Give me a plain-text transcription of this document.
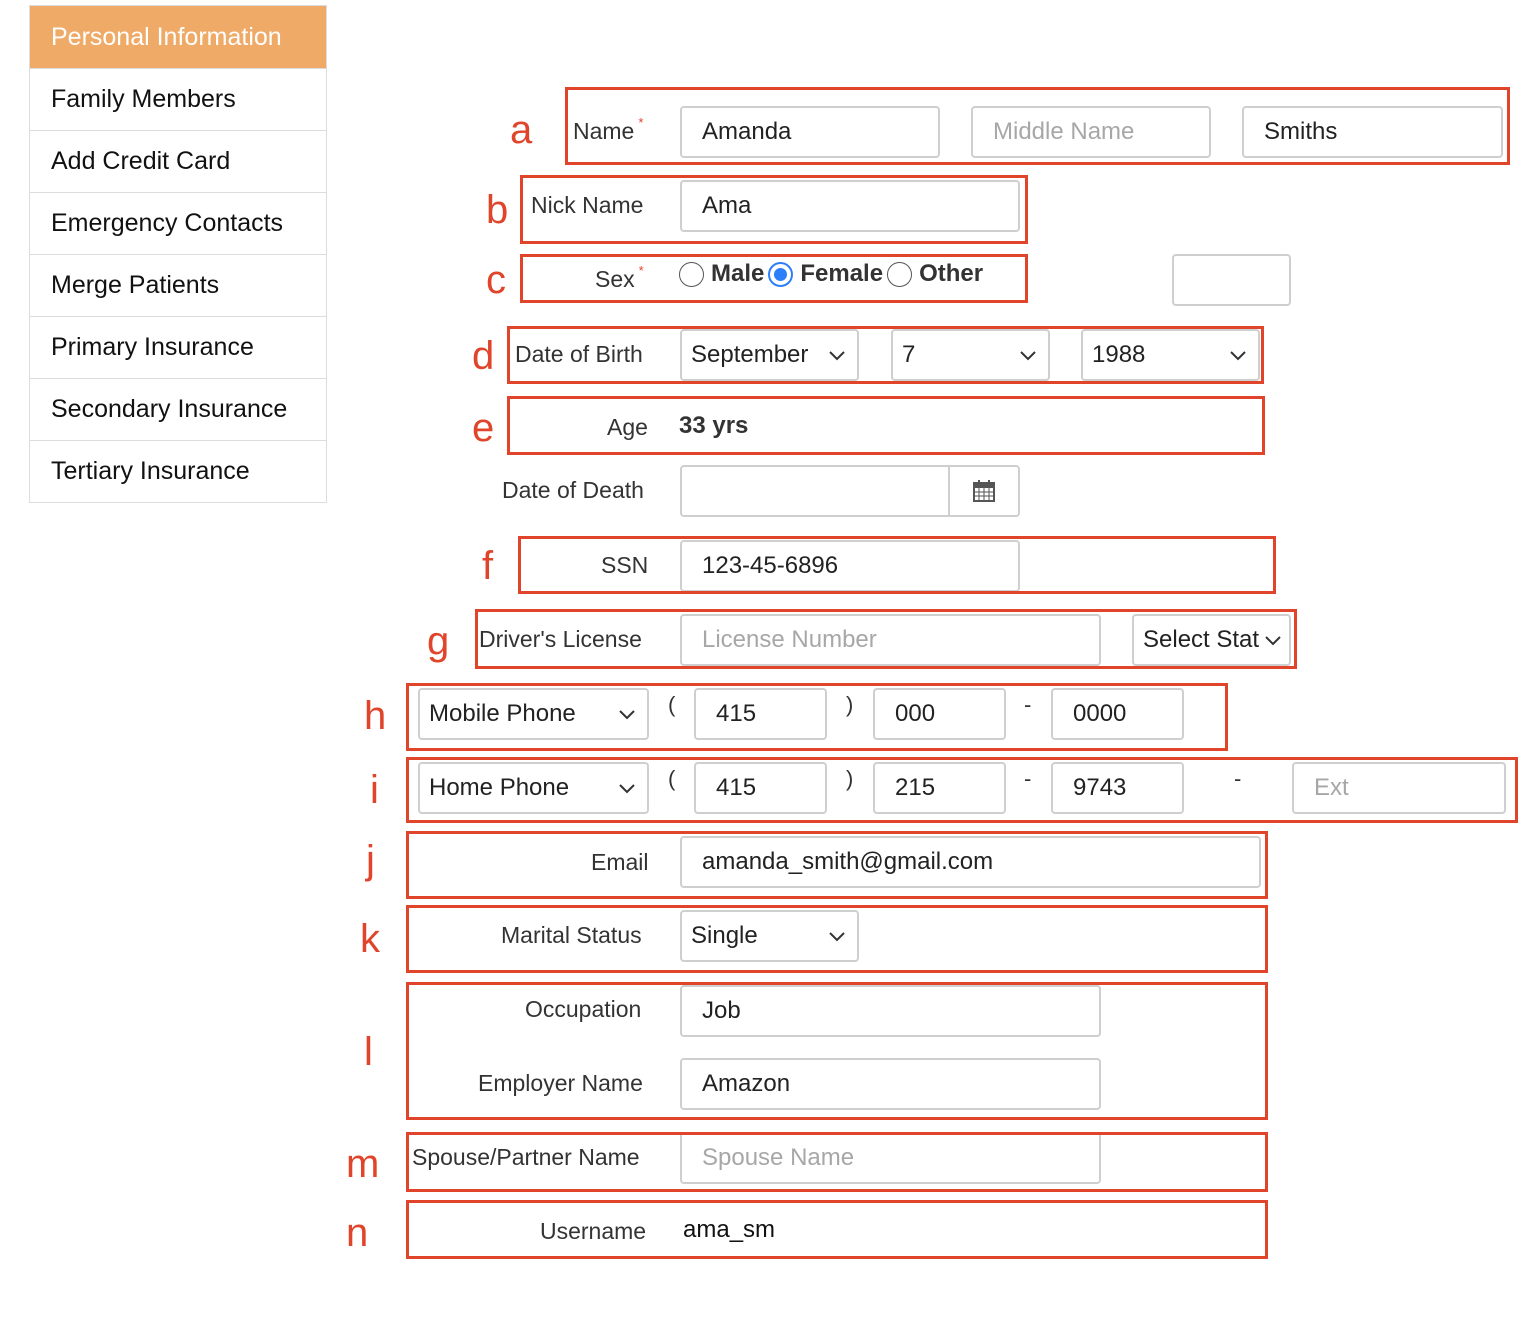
Personal Information
Family Members
Add Credit Card
Emergency Contacts
Merge Patients
Primary Insurance
Secondary Insurance
Tertiary Insurance
a
b
c
d
e
f
g
h
i
j
k
l
m
n
Name *	Amanda	Middle Name	Smiths
Nick Name	Ama
Sex *	Male Female Other
Date of Birth September	7	1988
Age 33 yrs
Date of Death
SSN	123-45-6896
Driver's License	License Number	Select Stat
Mobile Phone	(	415	)	000	-	0000
Home Phone	(	415	)	215	-	9743	-	Ext
Email	amanda_smith@gmail.com
Marital Status Single
Occupation	Job
Employer Name	Amazon
Spouse/Partner Name	Spouse Name
Username ama_sm
